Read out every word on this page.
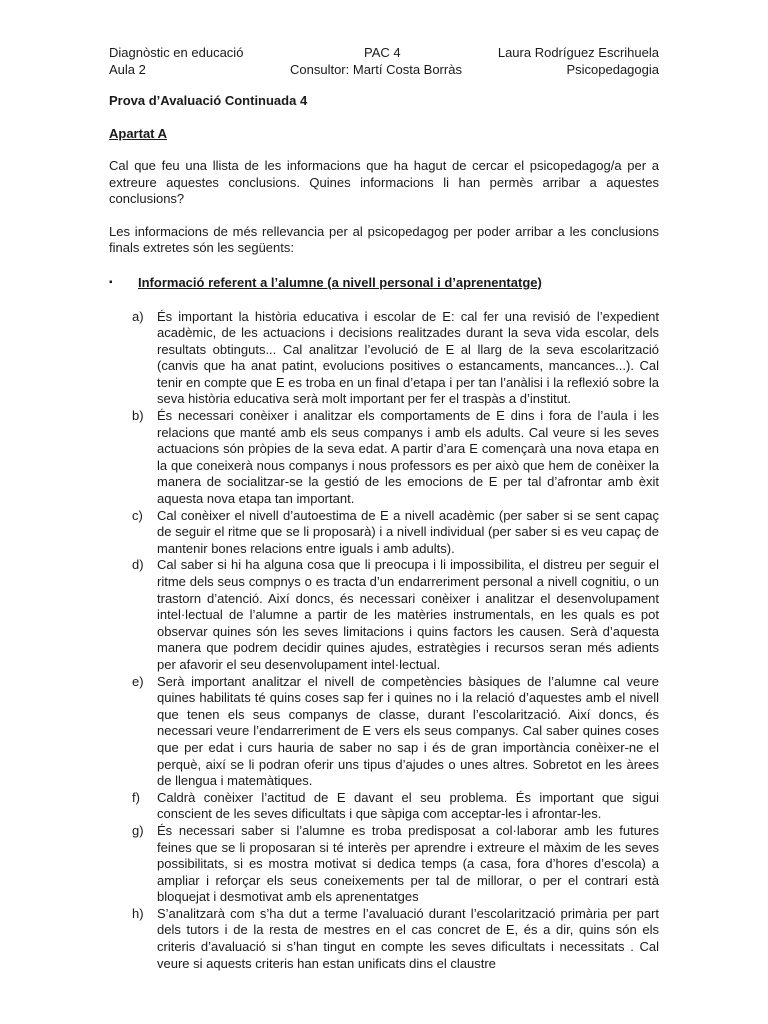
Diagnòstic en educació	PAC 4	Laura Rodríguez Escrihuela
Aula 2	Consultor: Martí Costa Borràs	Psicopedagogia
Prova d’Avaluació Continuada 4
Apartat A

Cal que feu una llista de les informacions que ha hagut de cercar el psicopedagog/a per a extreure aquestes conclusions. Quines informacions li han permès arribar a aquestes conclusions?

Les informacions de més rellevancia per al psicopedagog per poder arribar a les conclusions finals extretes són les següents:

▪ Informació referent a l’alumne (a nivell personal i d’aprenentatge)
a) És important la història educativa i escolar de E: cal fer una revisió de l’expedient acadèmic, de les actuacions i decisions realitzades durant la seva vida escolar, dels resultats obtinguts... Cal analitzar l’evolució de E al llarg de la seva escolarització (canvis que ha anat patint, evolucions positives o estancaments, mancances...). Cal tenir en compte que E es troba en un final d’etapa i per tan l’anàlisi i la reflexió sobre la seva història educativa serà molt important per fer el traspàs a d’institut.
b) És necessari conèixer i analitzar els comportaments de E dins i fora de l’aula i les relacions que manté amb els seus companys i amb els adults. Cal veure si les seves actuacions són pròpies de la seva edat. A partir d’ara E començarà una nova etapa en la que coneixerà nous companys i nous professors es per això que hem de conèixer la manera de socialitzar-se la gestió de les emocions de E per tal d’afrontar amb èxit aquesta nova etapa tan important.
c) Cal conèixer el nivell d’autoestima de E a nivell acadèmic (per saber si se sent capaç de seguir el ritme que se li proposarà) i a nivell individual (per saber si es veu capaç de mantenir bones relacions entre iguals i amb adults).
d) Cal saber si hi ha alguna cosa que li preocupa i li impossibilita, el distreu per seguir el ritme dels seus compnys o es tracta d’un endarreriment personal a nivell cognitiu, o un trastorn d’atenció. Així doncs, és necessari conèixer i analitzar el desenvolupament intel·lectual de l’alumne a partir de les matèries instrumentals, en les quals es pot observar quines són les seves limitacions i quins factors les causen. Serà d’aquesta manera que podrem decidir quines ajudes, estratègies i recursos seran més adients per afavorir el seu desenvolupament intel·lectual.
e) Serà important analitzar el nivell de competències bàsiques de l’alumne cal veure quines habilitats té quins coses sap fer i quines no i la relació d’aquestes amb el nivell que tenen els seus companys de classe, durant l’escolarització. Així doncs, és necessari veure l’endarreriment de E vers els seus companys. Cal saber quines coses que per edat i curs hauria de saber no sap i és de gran importància conèixer-ne el perquè, així se li podran oferir uns tipus d’ajudes o unes altres. Sobretot en les àrees de llengua i matemàtiques.
f) Caldrà conèixer l’actitud de E davant el seu problema. És important que sigui conscient de les seves dificultats i que sàpiga com acceptar-les i afrontar-les.
g) És necessari saber si l’alumne es troba predisposat a col·laborar amb les futures feines que se li proposaran si té interès per aprendre i extreure el màxim de les seves possibilitats, si es mostra motivat si dedica temps (a casa, fora d’hores d’escola) a ampliar i reforçar els seus coneixements per tal de millorar, o per el contrari està bloquejat i desmotivat amb els aprenentatges
h) S’analitzarà com s’ha dut a terme l’avaluació durant l’escolarització primària per part dels tutors i de la resta de mestres en el cas concret de E, és a dir, quins són els criteris d’avaluació si s’han tingut en compte les seves dificultats i necessitats . Cal veure si aquests criteris han estan unificats dins el claustre
